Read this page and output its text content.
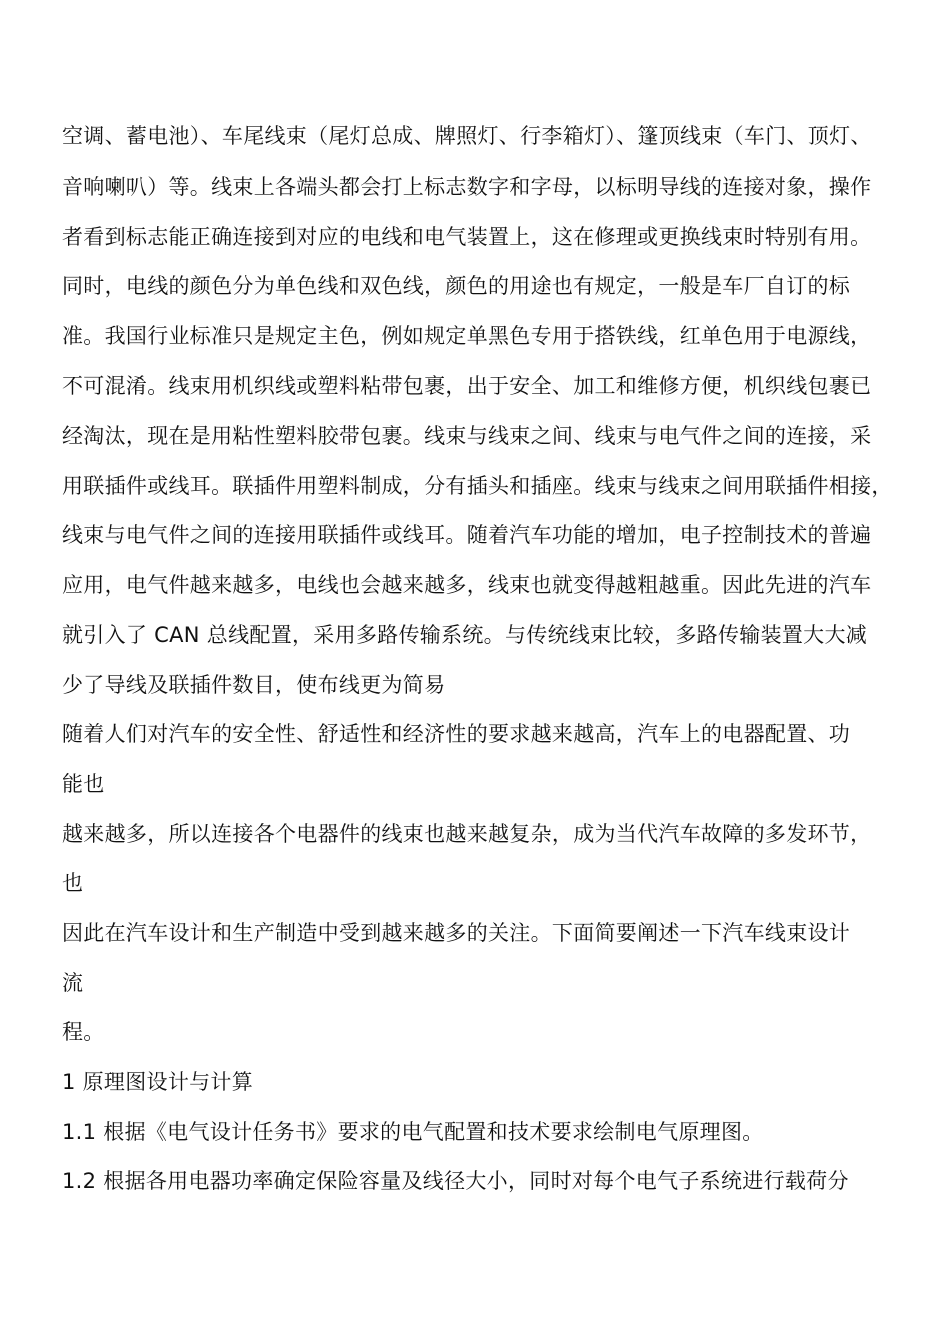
空调、蓄电池）、车尾线束（尾灯总成、牌照灯、行李箱灯）、篷顶线束（车门、顶灯、
音响喇叭）等。线束上各端头都会打上标志数字和字母，以标明导线的连接对象，操作
者看到标志能正确连接到对应的电线和电气装置上，这在修理或更换线束时特别有用。
同时，电线的颜色分为单色线和双色线，颜色的用途也有规定，一般是车厂自订的标
准。我国行业标准只是规定主色，例如规定单黑色专用于搭铁线，红单色用于电源线，
不可混淆。线束用机织线或塑料粘带包裹，出于安全、加工和维修方便，机织线包裹已
经淘汰，现在是用粘性塑料胶带包裹。线束与线束之间、线束与电气件之间的连接，采
用联插件或线耳。联插件用塑料制成，分有插头和插座。线束与线束之间用联插件相接，
线束与电气件之间的连接用联插件或线耳。随着汽车功能的增加，电子控制技术的普遍
应用，电气件越来越多，电线也会越来越多，线束也就变得越粗越重。因此先进的汽车
就引入了 CAN 总线配置，采用多路传输系统。与传统线束比较，多路传输装置大大减
少了导线及联插件数目，使布线更为简易
随着人们对汽车的安全性、舒适性和经济性的要求越来越高，汽车上的电器配置、功
能也
越来越多，所以连接各个电器件的线束也越来越复杂，成为当代汽车故障的多发环节，
也
因此在汽车设计和生产制造中受到越来越多的关注。下面简要阐述一下汽车线束设计
流
程。
1 原理图设计与计算
1.1 根据《电气设计任务书》要求的电气配置和技术要求绘制电气原理图。
1.2 根据各用电器功率确定保险容量及线径大小，同时对每个电气子系统进行载荷分
